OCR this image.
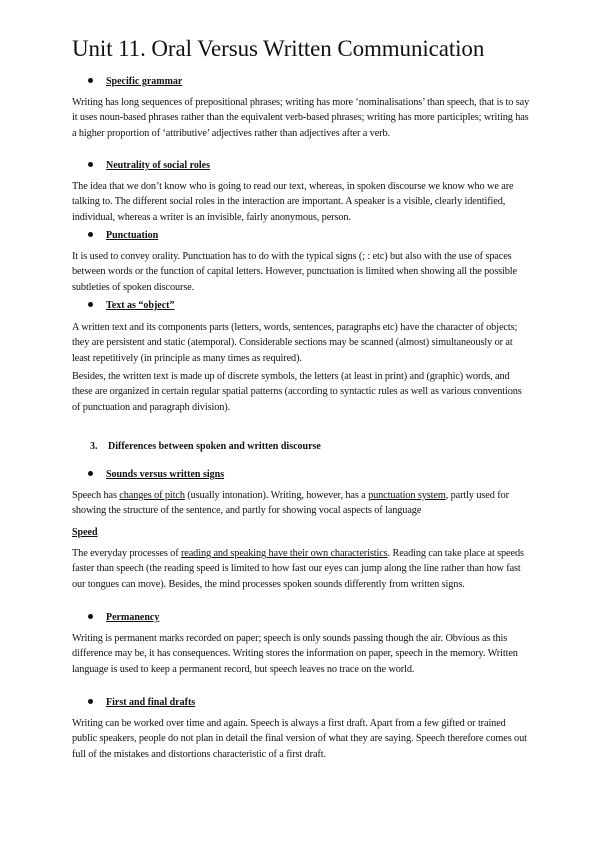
Unit 11. Oral Versus Written Communication
Specific grammar

Writing has long sequences of prepositional phrases; writing has more ‘nominalisations’ than speech, that is to say it uses noun-based phrases rather than the equivalent verb-based phrases; writing has more participles; writing has a higher proportion of ‘attributive’ adjectives rather than adjectives after a verb.

Neutrality of social roles

The idea that we don’t know who is going to read our text, whereas, in spoken discourse we know who we are talking to. The different social roles in the interaction are important. A speaker is a visible, clearly identified, individual, whereas a writer is an invisible, fairly anonymous, person.

Punctuation

It is used to convey orality. Punctuation has to do with the typical signs (; : etc) but also with the use of spaces between words or the function of capital letters. However, punctuation is limited when showing all the possible subtleties of spoken discourse.

Text as “object”

A written text and its components parts (letters, words, sentences, paragraphs etc) have the character of objects; they are persistent and static (atemporal). Considerable sections may be scanned (almost) simultaneously or at least repetitively (in principle as many times as required).

Besides, the written text is made up of discrete symbols, the letters (at least in print) and (graphic) words, and these are organized in certain regular spatial patterns (according to syntactic rules as well as various conventions of punctuation and paragraph division).

3. Differences between spoken and written discourse
Sounds versus written signs

Speech has changes of pitch (usually intonation). Writing, however, has a punctuation system, partly used for showing the structure of the sentence, and partly for showing vocal aspects of language

Speed

The everyday processes of reading and speaking have their own characteristics. Reading can take place at speeds faster than speech (the reading speed is limited to how fast our eyes can jump along the line rather than how fast our tongues can move). Besides, the mind processes spoken sounds differently from written signs.

Permanency

Writing is permanent marks recorded on paper; speech is only sounds passing though the air. Obvious as this difference may be, it has consequences. Writing stores the information on paper, speech in the memory. Written language is used to keep a permanent record, but speech leaves no trace on the world.

First and final drafts

Writing can be worked over time and again. Speech is always a first draft. Apart from a few gifted or trained public speakers, people do not plan in detail the final version of what they are saying. Speech therefore comes out full of the mistakes and distortions characteristic of a first draft.
